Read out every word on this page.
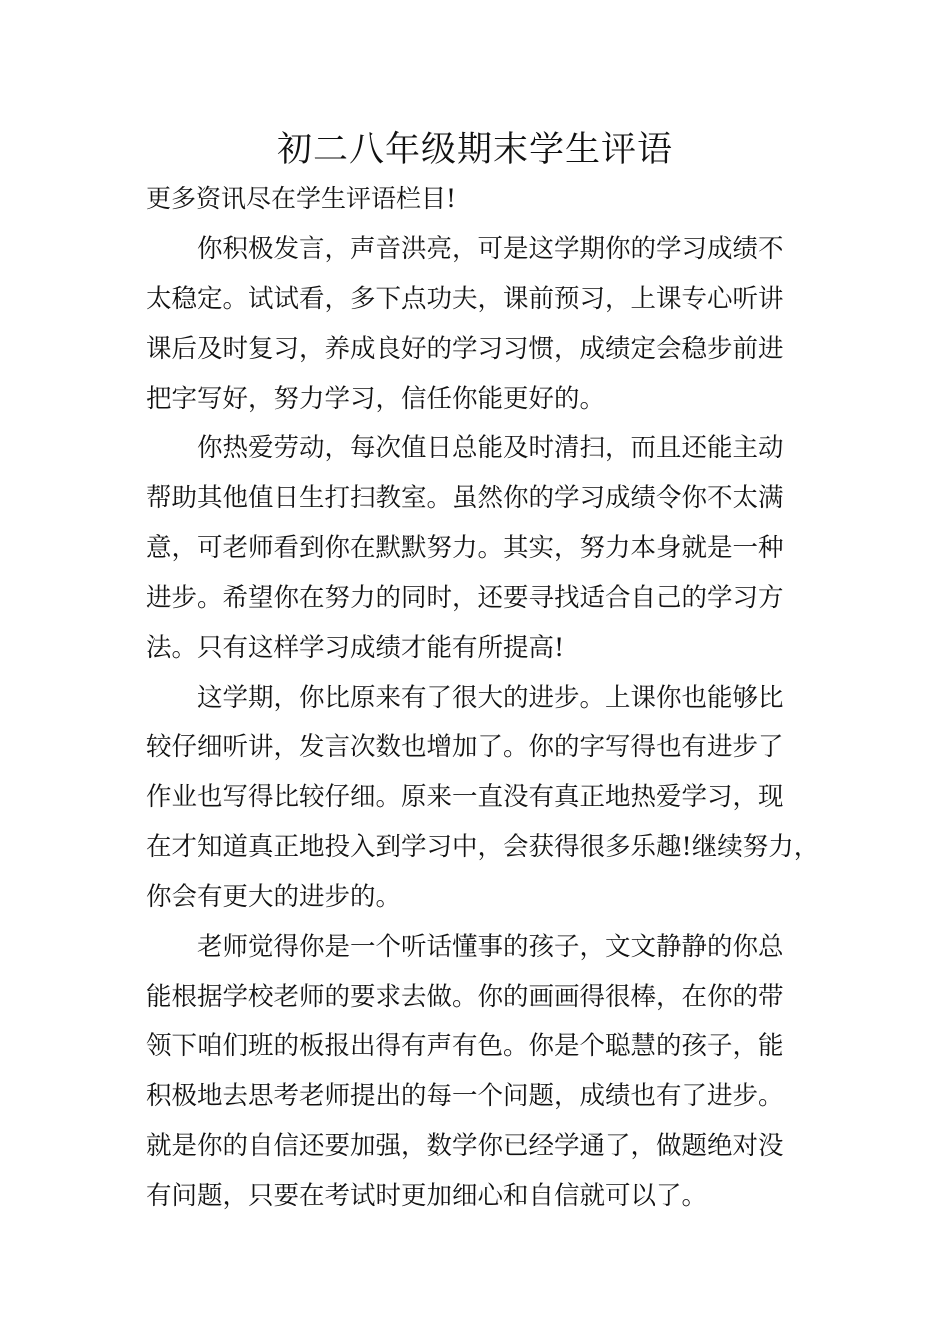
初二八年级期末学生评语

更多资讯尽在学生评语栏目!

你积极发言，声音洪亮，可是这学期你的学习成绩不

太稳定。试试看，多下点功夫，课前预习，上课专心听讲

课后及时复习，养成良好的学习习惯，成绩定会稳步前进

把字写好，努力学习，信任你能更好的。

你热爱劳动，每次值日总能及时清扫，而且还能主动

帮助其他值日生打扫教室。虽然你的学习成绩令你不太满

意，可老师看到你在默默努力。其实，努力本身就是一种

进步。希望你在努力的同时，还要寻找适合自己的学习方

法。只有这样学习成绩才能有所提高!

这学期，你比原来有了很大的进步。上课你也能够比

较仔细听讲，发言次数也增加了。你的字写得也有进步了

作业也写得比较仔细。原来一直没有真正地热爱学习，现

在才知道真正地投入到学习中，会获得很多乐趣!继续努力，

你会有更大的进步的。

老师觉得你是一个听话懂事的孩子，文文静静的你总

能根据学校老师的要求去做。你的画画得很棒，在你的带

领下咱们班的板报出得有声有色。你是个聪慧的孩子，能

积极地去思考老师提出的每一个问题，成绩也有了进步。

就是你的自信还要加强，数学你已经学通了，做题绝对没

有问题，只要在考试时更加细心和自信就可以了。
